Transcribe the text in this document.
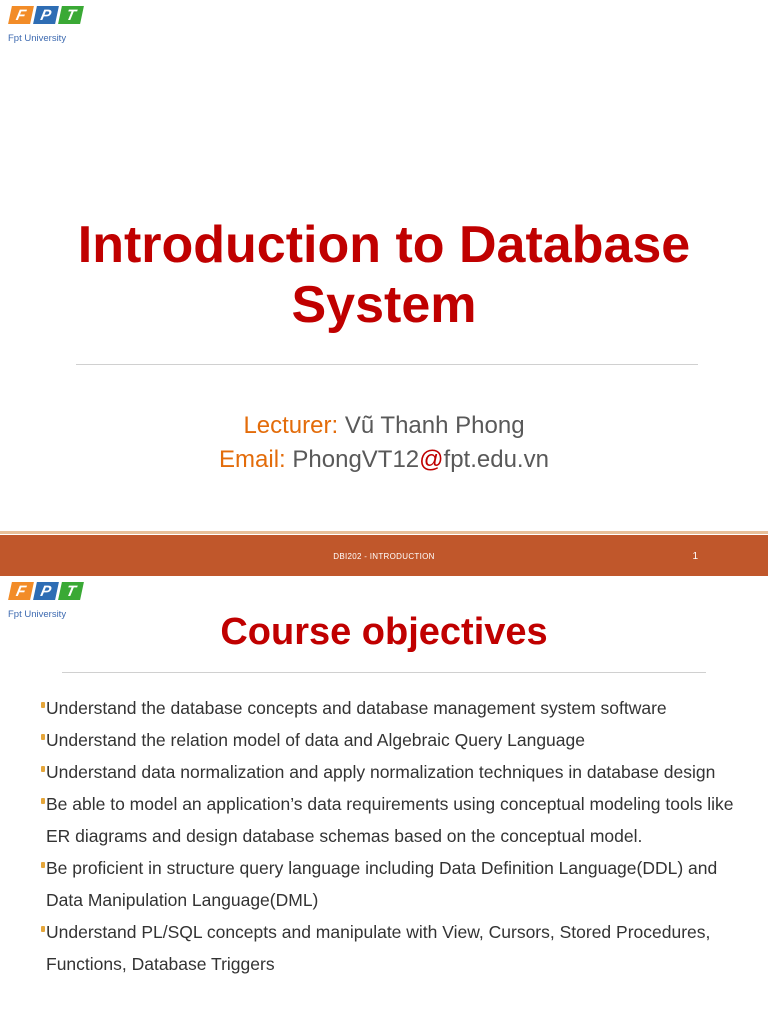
F P T
Fpt University
Introduction to Database
System
Lecturer: Vũ Thanh Phong
Email: PhongVT12@fpt.edu.vn
DBI202 - INTRODUCTION	1
F P T
Fpt University	Course objectives
Understand the database concepts and database management system software
Understand the relation model of data and Algebraic Query Language
Understand data normalization and apply normalization techniques in database design
Be able to model an application’s data requirements using conceptual modeling tools like ER diagrams and design database schemas based on the conceptual model.
Be proficient in structure query language including Data Definition Language(DDL) and Data Manipulation Language(DML)
Understand PL/SQL concepts and manipulate with View, Cursors, Stored Procedures, Functions, Database Triggers
